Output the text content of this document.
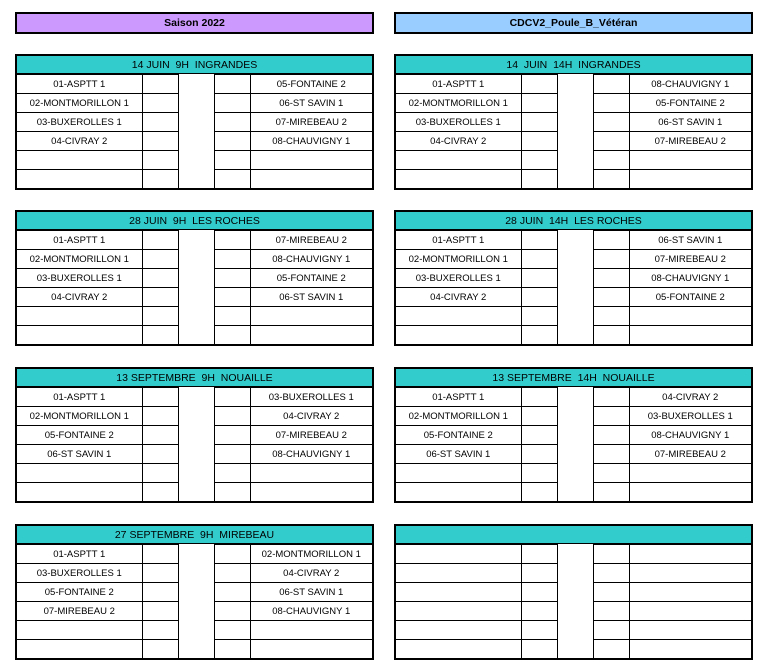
Saison 2022	CDCV2_Poule_B_Vétéran
14 JUIN  9H  INGRANDES
01-ASPTT 1				05-FONTAINE 2
02-MONTMORILLON 1				06-ST SAVIN 1
03-BUXEROLLES 1				07-MIREBEAU 2
04-CIVRAY 2				08-CHAUVIGNY 1

14  JUIN  14H  INGRANDES
01-ASPTT 1				08-CHAUVIGNY 1
02-MONTMORILLON 1				05-FONTAINE 2
03-BUXEROLLES 1				06-ST SAVIN 1
04-CIVRAY 2				07-MIREBEAU 2

28 JUIN  9H  LES ROCHES
01-ASPTT 1				07-MIREBEAU 2
02-MONTMORILLON 1				08-CHAUVIGNY 1
03-BUXEROLLES 1				05-FONTAINE 2
04-CIVRAY 2				06-ST SAVIN 1

28 JUIN  14H  LES ROCHES
01-ASPTT 1				06-ST SAVIN 1
02-MONTMORILLON 1				07-MIREBEAU 2
03-BUXEROLLES 1				08-CHAUVIGNY 1
04-CIVRAY 2				05-FONTAINE 2

13 SEPTEMBRE  9H  NOUAILLE
01-ASPTT 1				03-BUXEROLLES 1
02-MONTMORILLON 1				04-CIVRAY 2
05-FONTAINE 2				07-MIREBEAU 2
06-ST SAVIN 1				08-CHAUVIGNY 1

13 SEPTEMBRE  14H  NOUAILLE
01-ASPTT 1				04-CIVRAY 2
02-MONTMORILLON 1				03-BUXEROLLES 1
05-FONTAINE 2				08-CHAUVIGNY 1
06-ST SAVIN 1				07-MIREBEAU 2

27 SEPTEMBRE  9H  MIREBEAU
01-ASPTT 1				02-MONTMORILLON 1
03-BUXEROLLES 1				04-CIVRAY 2
05-FONTAINE 2				06-ST SAVIN 1
07-MIREBEAU 2				08-CHAUVIGNY 1
